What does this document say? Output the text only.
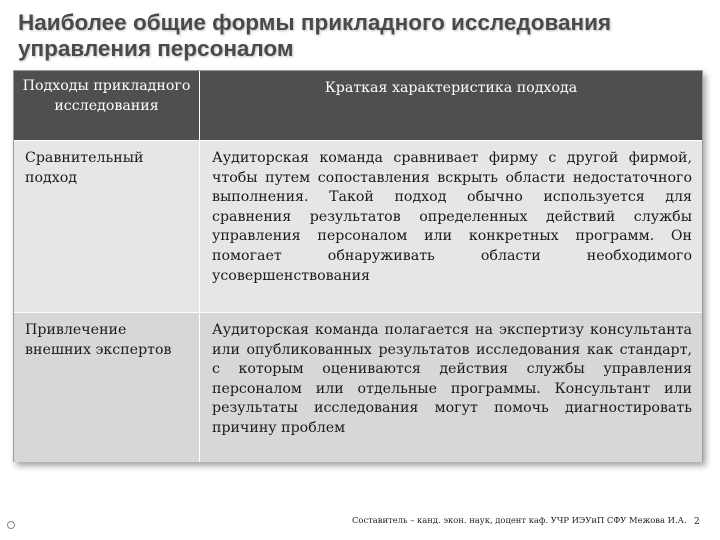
Наиболее общие формы прикладного исследования управления персоналом
Подходы прикладного исследования
Краткая характеристика подхода
Сравнительный подход
Аудиторская команда сравнивает фирму с другой фирмой, чтобы путем сопоставления вскрыть области недостаточного выполнения. Такой подход обычно используется для сравнения результатов определенных действий службы управления персоналом или конкретных программ. Он помогает обнаруживать области необходимого усовершенствования
Привлечение внешних экспертов
Аудиторская команда полагается на экспертизу консультанта или опубликованных результатов исследования как стандарт, с которым оцениваются действия службы управления персоналом или отдельные программы. Консультант или результаты исследования могут помочь диагностировать причину проблем
Составитель – канд. экон. наук, доцент каф. УЧР ИЭУиП СФУ Межова И.А. 2
